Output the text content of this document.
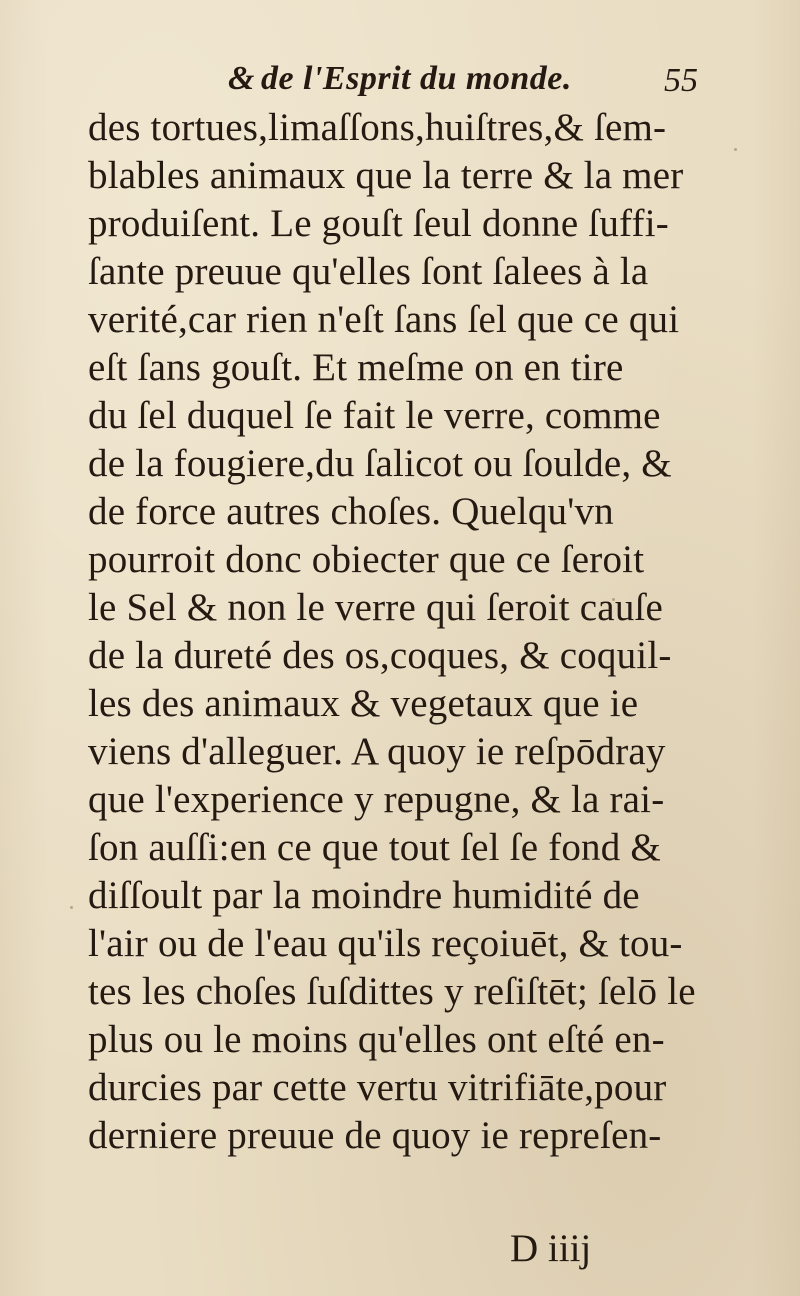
& de l'Esprit du monde.	55
des tortues,limaſſons,huiſtres,& ſem-
blables animaux que la terre & la mer
produiſent. Le gouſt ſeul donne ſuffi-
ſante preuue qu'elles ſont ſalees à la
verité,car rien n'eſt ſans ſel que ce qui
eſt ſans gouſt. Et meſme on en tire
du ſel duquel ſe fait le verre, comme
de la fougiere,du ſalicot ou ſoulde, &
de force autres choſes. Quelqu'vn
pourroit donc obiecter que ce ſeroit
le Sel & non le verre qui ſeroit cauſe
de la dureté des os,coques, & coquil-
les des animaux & vegetaux que ie
viens d'alleguer. A quoy ie reſpōdray
que l'experience y repugne, & la rai-
ſon auſſi:en ce que tout ſel ſe fond &
diſſoult par la moindre humidité de
l'air ou de l'eau qu'ils reçoiuēt, & tou-
tes les choſes ſuſdittes y reſiſtēt; ſelō le
plus ou le moins qu'elles ont eſté en-
durcies par cette vertu vitrifiāte,pour
derniere preuue de quoy ie repreſen-
D iiij
